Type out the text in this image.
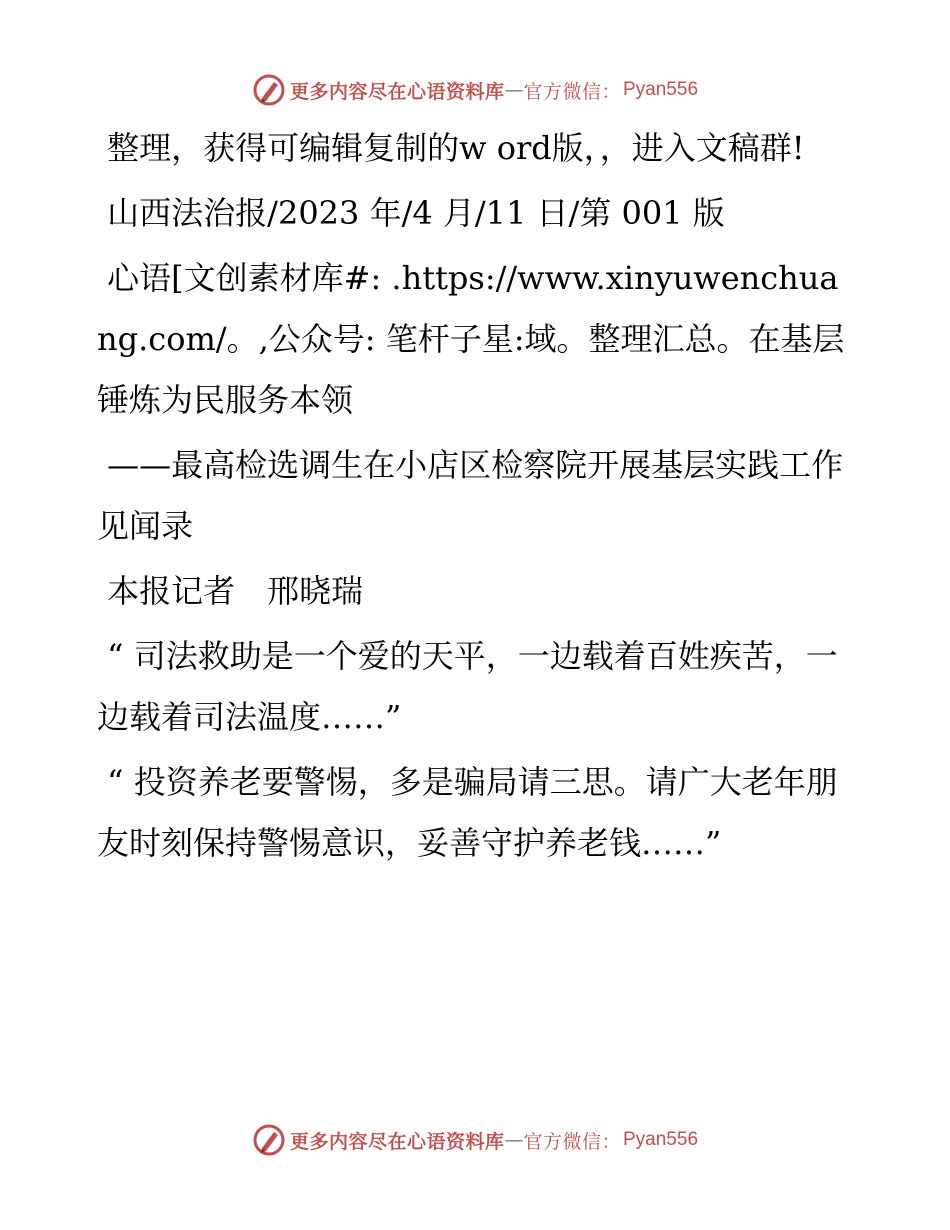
更多内容尽在心语资料库 — 官方微信： Pyan556

整理，获得可编辑复制的w ord版，，进入文稿群!

山西法治报/2023 年/4 月/11 日/第 001 版

心语[文创素材库#: .https://www.xinyuwenchuang.com/。,公众号: 笔杆子星:域。整理汇总。在基层锤炼为民服务本领

——最高检选调生在小店区检察院开展基层实践工作见闻录

本报记者　邢晓瑞

“ 司法救助是一个爱的天平，一边载着百姓疾苦，一边载着司法温度……”

“ 投资养老要警惕，多是骗局请三思。请广大老年朋友时刻保持警惕意识，妥善守护养老钱……”

更多内容尽在心语资料库 — 官方微信： Pyan556
